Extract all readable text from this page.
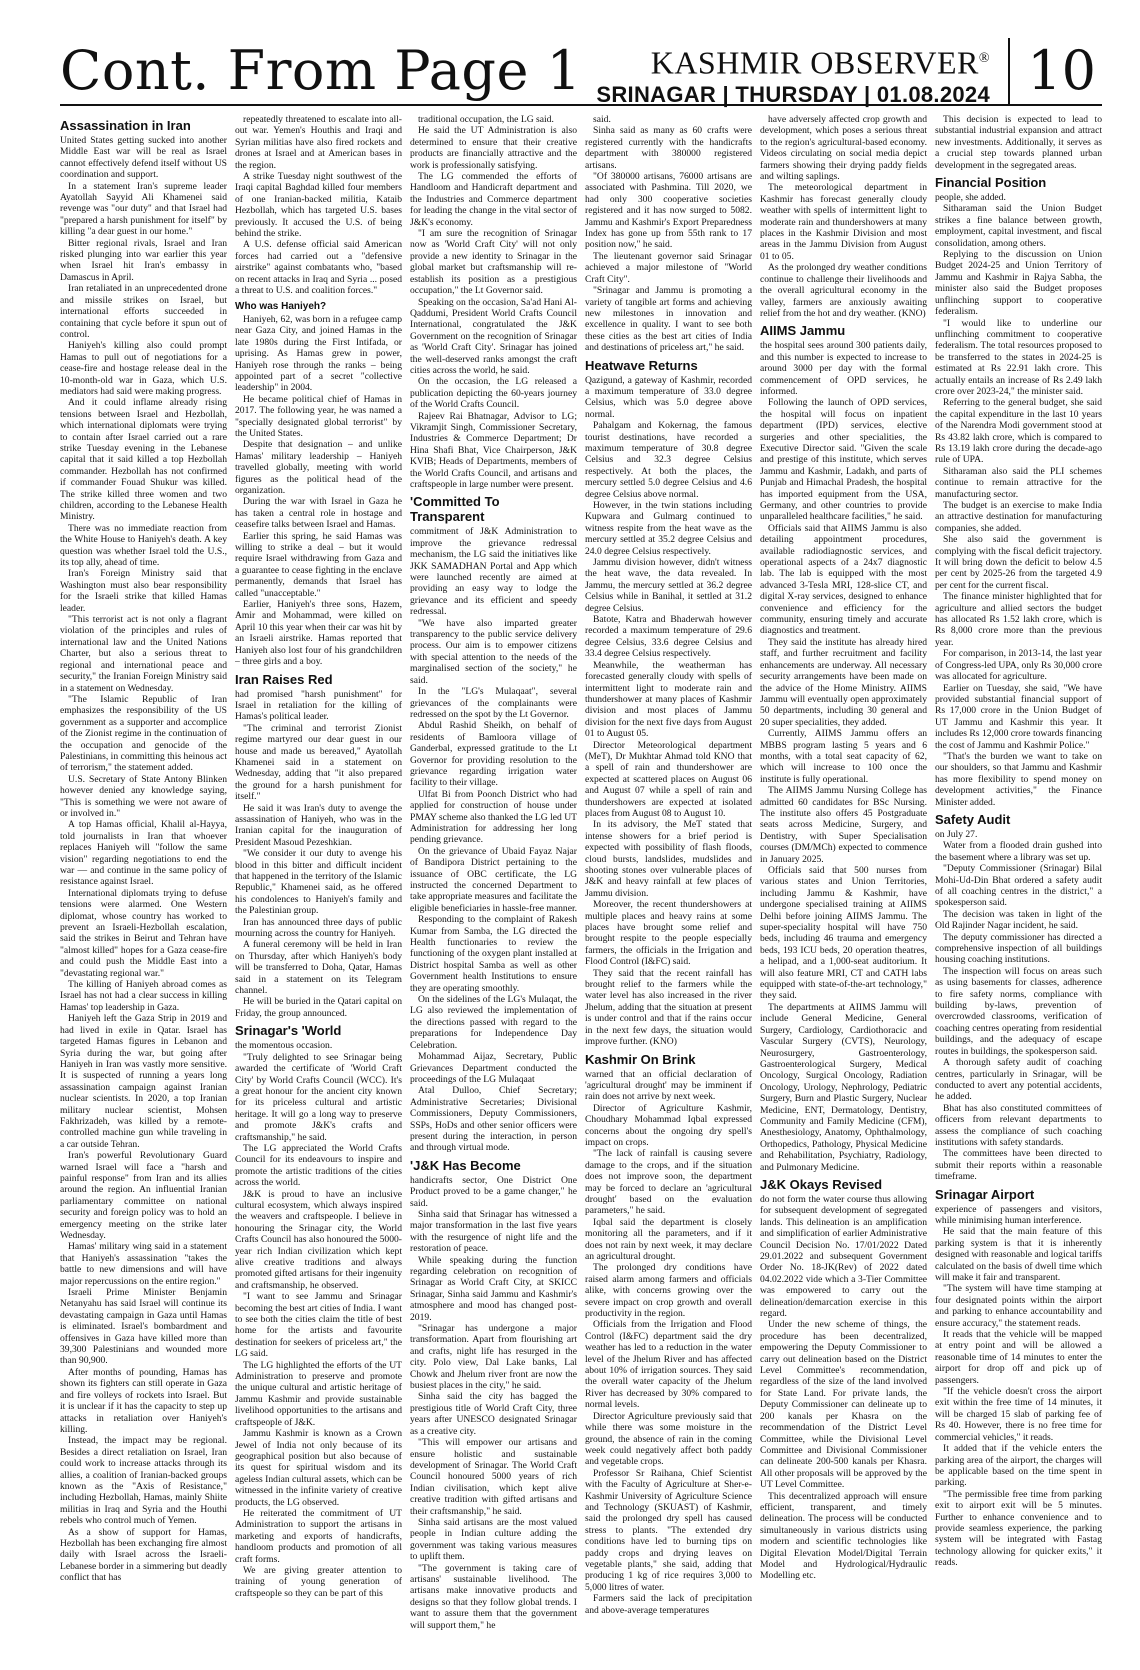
Cont. From Page 1	KASHMIR OBSERVER®
SRINAGAR | THURSDAY | 01.08.2024 10
Assassination in Iran

United States getting sucked into another Middle East war will be real as Israel cannot effectively defend itself without US coordination and support.

In a statement Iran's supreme leader Ayatollah Sayyid Ali Khamenei said revenge was "our duty" and that Israel had "prepared a harsh punishment for itself" by killing "a dear guest in our home."

Bitter regional rivals, Israel and Iran risked plunging into war earlier this year when Israel hit Iran's embassy in Damascus in April.

Iran retaliated in an unprecedented drone and missile strikes on Israel, but international efforts succeeded in containing that cycle before it spun out of control.

Haniyeh's killing also could prompt Hamas to pull out of negotiations for a cease-fire and hostage release deal in the 10-month-old war in Gaza, which U.S. mediators had said were making progress.

And it could inflame already rising tensions between Israel and Hezbollah, which international diplomats were trying to contain after Israel carried out a rare strike Tuesday evening in the Lebanese capital that it said killed a top Hezbollah commander. Hezbollah has not confirmed if commander Fouad Shukur was killed. The strike killed three women and two children, according to the Lebanese Health Ministry.

There was no immediate reaction from the White House to Haniyeh's death. A key question was whether Israel told the U.S., its top ally, ahead of time.

Iran's Foreign Ministry said that Washington must also bear responsibility for the Israeli strike that killed Hamas leader.

"This terrorist act is not only a flagrant violation of the principles and rules of international law and the United Nations Charter, but also a serious threat to regional and international peace and security," the Iranian Foreign Ministry said in a statement on Wednesday.

"The Islamic Republic of Iran emphasizes the responsibility of the US government as a supporter and accomplice of the Zionist regime in the continuation of the occupation and genocide of the Palestinians, in committing this heinous act of terrorism," the statement added.

U.S. Secretary of State Antony Blinken however denied any knowledge saying, "This is something we were not aware of or involved in."

A top Hamas official, Khalil al-Hayya, told journalists in Iran that whoever replaces Haniyeh will "follow the same vision" regarding negotiations to end the war — and continue in the same policy of resistance against Israel.

International diplomats trying to defuse tensions were alarmed. One Western diplomat, whose country has worked to prevent an Israeli-Hezbollah escalation, said the strikes in Beirut and Tehran have "almost killed" hopes for a Gaza cease-fire and could push the Middle East into a "devastating regional war."

The killing of Haniyeh abroad comes as Israel has not had a clear success in killing Hamas' top leadership in Gaza.

Haniyeh left the Gaza Strip in 2019 and had lived in exile in Qatar. Israel has targeted Hamas figures in Lebanon and Syria during the war, but going after Haniyeh in Iran was vastly more sensitive. It is suspected of running a years long assassination campaign against Iranian nuclear scientists. In 2020, a top Iranian military nuclear scientist, Mohsen Fakhrizadeh, was killed by a remote-controlled machine gun while traveling in a car outside Tehran.

Iran's powerful Revolutionary Guard warned Israel will face a "harsh and painful response" from Iran and its allies around the region. An influential Iranian parliamentary committee on national security and foreign policy was to hold an emergency meeting on the strike later Wednesday.

Hamas' military wing said in a statement that Haniyeh's assassination "takes the battle to new dimensions and will have major repercussions on the entire region."

Israeli Prime Minister Benjamin Netanyahu has said Israel will continue its devastating campaign in Gaza until Hamas is eliminated. Israel's bombardment and offensives in Gaza have killed more than 39,300 Palestinians and wounded more than 90,900.

After months of pounding, Hamas has shown its fighters can still operate in Gaza and fire volleys of rockets into Israel. But it is unclear if it has the capacity to step up attacks in retaliation over Haniyeh's killing.

Instead, the impact may be regional. Besides a direct retaliation on Israel, Iran could work to increase attacks through its allies, a coalition of Iranian-backed groups known as the "Axis of Resistance," including Hezbollah, Hamas, mainly Shiite militias in Iraq and Syria and the Houthi rebels who control much of Yemen.

As a show of support for Hamas, Hezbollah has been exchanging fire almost daily with Israel across the Israeli-Lebanese border in a simmering but deadly conflict that has

repeatedly threatened to escalate into all-out war. Yemen's Houthis and Iraqi and Syrian militias have also fired rockets and drones at Israel and at American bases in the region.

A strike Tuesday night southwest of the Iraqi capital Baghdad killed four members of one Iranian-backed militia, Kataib Hezbollah, which has targeted U.S. bases previously. It accused the U.S. of being behind the strike.

A U.S. defense official said American forces had carried out a "defensive airstrike" against combatants who, "based on recent attacks in Iraq and Syria ... posed a threat to U.S. and coalition forces."

Who was Haniyeh?

Haniyeh, 62, was born in a refugee camp near Gaza City, and joined Hamas in the late 1980s during the First Intifada, or uprising. As Hamas grew in power, Haniyeh rose through the ranks – being appointed part of a secret "collective leadership" in 2004.

He became political chief of Hamas in 2017. The following year, he was named a "specially designated global terrorist" by the United States.

Despite that designation – and unlike Hamas' military leadership – Haniyeh travelled globally, meeting with world figures as the political head of the organization.

During the war with Israel in Gaza he has taken a central role in hostage and ceasefire talks between Israel and Hamas.

Earlier this spring, he said Hamas was willing to strike a deal – but it would require Israel withdrawing from Gaza and a guarantee to cease fighting in the enclave permanently, demands that Israel has called "unacceptable."

Earlier, Haniyeh's three sons, Hazem, Amir and Mohammad, were killed on April 10 this year when their car was hit by an Israeli airstrike. Hamas reported that Haniyeh also lost four of his grandchildren – three girls and a boy.

Iran Raises Red

had promised "harsh punishment" for Israel in retaliation for the killing of Hamas's political leader.

"The criminal and terrorist Zionist regime martyred our dear guest in our house and made us bereaved," Ayatollah Khamenei said in a statement on Wednesday, adding that "it also prepared the ground for a harsh punishment for itself."

He said it was Iran's duty to avenge the assassination of Haniyeh, who was in the Iranian capital for the inauguration of President Masoud Pezeshkian.

"We consider it our duty to avenge his blood in this bitter and difficult incident that happened in the territory of the Islamic Republic," Khamenei said, as he offered his condolences to Haniyeh's family and the Palestinian group.

Iran has announced three days of public mourning across the country for Haniyeh.

A funeral ceremony will be held in Iran on Thursday, after which Haniyeh's body will be transferred to Doha, Qatar, Hamas said in a statement on its Telegram channel.

He will be buried in the Qatari capital on Friday, the group announced.

Srinagar's 'World

the momentous occasion.

"Truly delighted to see Srinagar being awarded the certificate of 'World Craft City' by World Crafts Council (WCC). It's a great honour for the ancient city known for its priceless cultural and artistic heritage. It will go a long way to preserve and promote J&K's crafts and craftsmanship," he said.

The LG appreciated the World Crafts Council for its endeavours to inspire and promote the artistic traditions of the cities across the world.

J&K is proud to have an inclusive cultural ecosystem, which always inspired the weavers and craftspeople. I believe in honouring the Srinagar city, the World Crafts Council has also honoured the 5000-year rich Indian civilization which kept alive creative traditions and always promoted gifted artisans for their ingenuity and craftsmanship, he observed.

"I want to see Jammu and Srinagar becoming the best art cities of India. I want to see both the cities claim the title of best home for the artists and favourite destination for seekers of priceless art," the LG said.

The LG highlighted the efforts of the UT Administration to preserve and promote the unique cultural and artistic heritage of Jammu Kashmir and provide sustainable livelihood opportunities to the artisans and craftspeople of J&K.

Jammu Kashmir is known as a Crown Jewel of India not only because of its geographical position but also because of its quest for spiritual wisdom and its ageless Indian cultural assets, which can be witnessed in the infinite variety of creative products, the LG observed.

He reiterated the commitment of UT Administration to support the artisans in marketing and exports of handicrafts, handloom products and promotion of all craft forms.

We are giving greater attention to training of young generation of craftspeople so they can be part of this

traditional occupation, the LG said.

He said the UT Administration is also determined to ensure that their creative products are financially attractive and the work is professionally satisfying.

The LG commended the efforts of Handloom and Handicraft department and the Industries and Commerce department for leading the change in the vital sector of J&K's economy.

"I am sure the recognition of Srinagar now as 'World Craft City' will not only provide a new identity to Srinagar in the global market but craftsmanship will re-establish its position as a prestigious occupation," the Lt Governor said.

Speaking on the occasion, Sa'ad Hani Al-Qaddumi, President World Crafts Council International, congratulated the J&K Government on the recognition of Srinagar as 'World Craft City'. Srinagar has joined the well-deserved ranks amongst the craft cities across the world, he said.

On the occasion, the LG released a publication depicting the 60-years journey of the World Crafts Council.

Rajeev Rai Bhatnagar, Advisor to LG; Vikramjit Singh, Commissioner Secretary, Industries & Commerce Department; Dr Hina Shafi Bhat, Vice Chairperson, J&K KVIB; Heads of Departments, members of the World Crafts Council, and artisans and craftspeople in large number were present.

'Committed To Transparent

commitment of J&K Administration to improve the grievance redressal mechanism, the LG said the initiatives like JKK SAMADHAN Portal and App which were launched recently are aimed at providing an easy way to lodge the grievance and its efficient and speedy redressal.

"We have also imparted greater transparency to the public service delivery process. Our aim is to empower citizens with special attention to the needs of the marginalised section of the society," he said.

In the "LG's Mulaqaat", several grievances of the complainants were redressed on the spot by the Lt Governor.

Abdul Rashid Sheikh, on behalf of residents of Bamloora village of Ganderbal, expressed gratitude to the Lt Governor for providing resolution to the grievance regarding irrigation water facility to their village.

Ulfat Bi from Poonch District who had applied for construction of house under PMAY scheme also thanked the LG led UT Administration for addressing her long pending grievance.

On the grievance of Ubaid Fayaz Najar of Bandipora District pertaining to the issuance of OBC certificate, the LG instructed the concerned Department to take appropriate measures and facilitate the eligible beneficiaries in hassle-free manner.

Responding to the complaint of Rakesh Kumar from Samba, the LG directed the Health functionaries to review the functioning of the oxygen plant installed at District hospital Samba as well as other Government health Institutions to ensure they are operating smoothly.

On the sidelines of the LG's Mulaqat, the LG also reviewed the implementation of the directions passed with regard to the preparations for Independence Day Celebration.

Mohammad Aijaz, Secretary, Public Grievances Department conducted the proceedings of the LG Mulaqaat

Atal Dulloo, Chief Secretary; Administrative Secretaries; Divisional Commissioners, Deputy Commissioners, SSPs, HoDs and other senior officers were present during the interaction, in person and through virtual mode.

'J&K Has Become

handicrafts sector, One District One Product proved to be a game changer," he said.

Sinha said that Srinagar has witnessed a major transformation in the last five years with the resurgence of night life and the restoration of peace.

While speaking during the function regarding celebration on recognition of Srinagar as World Craft City, at SKICC Srinagar, Sinha said Jammu and Kashmir's atmosphere and mood has changed post- 2019.

"Srinagar has undergone a major transformation. Apart from flourishing art and crafts, night life has resurged in the city. Polo view, Dal Lake banks, Lal Chowk and Jhelum river front are now the busiest places in the city," he said.

Sinha said the city has bagged the prestigious title of World Craft City, three years after UNESCO designated Srinagar as a creative city.

"This will empower our artisans and ensure holistic and sustainable development of Srinagar. The World Craft Council honoured 5000 years of rich Indian civilisation, which kept alive creative tradition with gifted artisans and their craftsmanship," he said.

Sinha said artisans are the most valued people in Indian culture adding the government was taking various measures to uplift them.

"The government is taking care of artisans' sustainable livelihood. The artisans make innovative products and designs so that they follow global trends. I want to assure them that the government will support them," he

said.

Sinha said as many as 60 crafts were registered currently with the handicrafts department with 380000 registered artisans.

"Of 380000 artisans, 76000 artisans are associated with Pashmina. Till 2020, we had only 300 cooperative societies registered and it has now surged to 5082. Jammu and Kashmir's Export Preparedness Index has gone up from 55th rank to 17 position now," he said.

The lieutenant governor said Srinagar achieved a major milestone of "World Craft City".

"Srinagar and Jammu is promoting a variety of tangible art forms and achieving new milestones in innovation and excellence in quality. I want to see both these cities as the best art cities of India and destinations of priceless art," he said.

Heatwave Returns

Qazigund, a gateway of Kashmir, recorded a maximum temperature of 33.0 degree Celsius, which was 5.0 degree above normal.

Pahalgam and Kokernag, the famous tourist destinations, have recorded a maximum temperature of 30.8 degree Celsius and 32.3 degree Celsius respectively. At both the places, the mercury settled 5.0 degree Celsius and 4.6 degree Celsius above normal.

However, in the twin stations including Kupwara and Gulmarg continued to witness respite from the heat wave as the mercury settled at 35.2 degree Celsius and 24.0 degree Celsius respectively.

Jammu division however, didn't witness the heat wave, the data revealed. In Jammu, the mercury settled at 36.2 degree Celsius while in Banihal, it settled at 31.2 degree Celsius.

Batote, Katra and Bhaderwah however recorded a maximum temperature of 29.6 degree Celsius, 33.6 degree Celsius and 33.4 degree Celsius respectively.

Meanwhile, the weatherman has forecasted generally cloudy with spells of intermittent light to moderate rain and thundershower at many places of Kashmir division and most places of Jammu division for the next five days from August 01 to August 05.

Director Meteorological department (MeT), Dr Mukhtar Ahmad told KNO that a spell of rain and thundershower are expected at scattered places on August 06 and August 07 while a spell of rain and thundershowers are expected at isolated places from August 08 to August 10.

In its advisory, the MeT stated that intense showers for a brief period is expected with possibility of flash floods, cloud bursts, landslides, mudslides and shooting stones over vulnerable places of J&K and heavy rainfall at few places of Jammu division.

Moreover, the recent thundershowers at multiple places and heavy rains at some places have brought some relief and brought respite to the people especially farmers, the officials in the Irrigation and Flood Control (I&FC) said.

They said that the recent rainfall has brought relief to the farmers while the water level has also increased in the river Jhelum, adding that the situation at present is under control and that if the rains occur in the next few days, the situation would improve further. (KNO)

Kashmir On Brink

warned that an official declaration of 'agricultural drought' may be imminent if rain does not arrive by next week.

Director of Agriculture Kashmir, Choudhary Mohammad Iqbal expressed concerns about the ongoing dry spell's impact on crops.

"The lack of rainfall is causing severe damage to the crops, and if the situation does not improve soon, the department may be forced to declare an 'agricultural drought' based on the evaluation parameters," he said.

Iqbal said the department is closely monitoring all the parameters, and if it does not rain by next week, it may declare an agricultural drought.

The prolonged dry conditions have raised alarm among farmers and officials alike, with concerns growing over the severe impact on crop growth and overall productivity in the region.

Officials from the Irrigation and Flood Control (I&FC) department said the dry weather has led to a reduction in the water level of the Jhelum River and has affected about 10% of irrigation sources. They said the overall water capacity of the Jhelum River has decreased by 30% compared to normal levels.

Director Agriculture previously said that while there was some moisture in the ground, the absence of rain in the coming week could negatively affect both paddy and vegetable crops.

Professor Sr Raihana, Chief Scientist with the Faculty of Agriculture at Sher-e-Kashmir University of Agriculture Science and Technology (SKUAST) of Kashmir, said the prolonged dry spell has caused stress to plants. "The extended dry conditions have led to burning tips on paddy crops and drying leaves on vegetable plants," she said, adding that producing 1 kg of rice requires 3,000 to 5,000 litres of water.

Farmers said the lack of precipitation and above-average temperatures

have adversely affected crop growth and development, which poses a serious threat to the region's agricultural-based economy. Videos circulating on social media depict farmers showing their drying paddy fields and wilting saplings.

The meteorological department in Kashmir has forecast generally cloudy weather with spells of intermittent light to moderate rain and thundershowers at many places in the Kashmir Division and most areas in the Jammu Division from August 01 to 05.

As the prolonged dry weather conditions continue to challenge their livelihoods and the overall agricultural economy in the valley, farmers are anxiously awaiting relief from the hot and dry weather. (KNO)

AIIMS Jammu

the hospital sees around 300 patients daily, and this number is expected to increase to around 3000 per day with the formal commencement of OPD services, he informed.

Following the launch of OPD services, the hospital will focus on inpatient department (IPD) services, elective surgeries and other specialities, the Executive Director said. "Given the scale and prestige of this institute, which serves Jammu and Kashmir, Ladakh, and parts of Punjab and Himachal Pradesh, the hospital has imported equipment from the USA, Germany, and other countries to provide unparalleled healthcare facilities," he said.

Officials said that AIIMS Jammu is also detailing appointment procedures, available radiodiagnostic services, and operational aspects of a 24x7 diagnostic lab. The lab is equipped with the most advanced 3-Tesla MRI, 128-slice CT, and digital X-ray services, designed to enhance convenience and efficiency for the community, ensuring timely and accurate diagnostics and treatment.

They said the institute has already hired staff, and further recruitment and facility enhancements are underway. All necessary security arrangements have been made on the advice of the Home Ministry. AIIMS Jammu will eventually open approximately 50 departments, including 30 general and 20 super specialities, they added.

Currently, AIIMS Jammu offers an MBBS program lasting 5 years and 6 months, with a total seat capacity of 62, which will increase to 100 once the institute is fully operational.

The AIIMS Jammu Nursing College has admitted 60 candidates for BSc Nursing. The institute also offers 45 Postgraduate seats across Medicine, Surgery, and Dentistry, with Super Specialisation courses (DM/MCh) expected to commence in January 2025.

Officials said that 500 nurses from various states and Union Territories, including Jammu & Kashmir, have undergone specialised training at AIIMS Delhi before joining AIIMS Jammu. The super-speciality hospital will have 750 beds, including 46 trauma and emergency beds, 193 ICU beds, 20 operation theatres, a helipad, and a 1,000-seat auditorium. It will also feature MRI, CT and CATH labs equipped with state-of-the-art technology," they said.

The departments at AIIMS Jammu will include General Medicine, General Surgery, Cardiology, Cardiothoracic and Vascular Surgery (CVTS), Neurology, Neurosurgery, Gastroenterology, Gastroenterological Surgery, Medical Oncology, Surgical Oncology, Radiation Oncology, Urology, Nephrology, Pediatric Surgery, Burn and Plastic Surgery, Nuclear Medicine, ENT, Dermatology, Dentistry, Community and Family Medicine (CFM), Anesthesiology, Anatomy, Ophthalmology, Orthopedics, Pathology, Physical Medicine and Rehabilitation, Psychiatry, Radiology, and Pulmonary Medicine.

J&K Okays Revised

do not form the water course thus allowing for subsequent development of segregated lands. This delineation is an amplification and simplification of earlier Administrative Council Decision No. 17/01/2022 Dated 29.01.2022 and subsequent Government Order No. 18-JK(Rev) of 2022 dated 04.02.2022 vide which a 3-Tier Committee was empowered to carry out the delineation/demarcation exercise in this regard.

Under the new scheme of things, the procedure has been decentralized, empowering the Deputy Commissioner to carry out delineation based on the District Level Committee's recommendation, regardless of the size of the land involved for State Land. For private lands, the Deputy Commissioner can delineate up to 200 kanals per Khasra on the recommendation of the District Level Committee, while the Divisional Level Committee and Divisional Commissioner can delineate 200-500 kanals per Khasra. All other proposals will be approved by the UT Level Committee.

This decentralized approach will ensure efficient, transparent, and timely delineation. The process will be conducted simultaneously in various districts using modern and scientific technologies like Digital Elevation Model/Digital Terrain Model and Hydrological/Hydraulic Modelling etc.

This decision is expected to lead to substantial industrial expansion and attract new investments. Additionally, it serves as a crucial step towards planned urban development in the segregated areas.

Financial Position

people, she added.

Sitharaman said the Union Budget strikes a fine balance between growth, employment, capital investment, and fiscal consolidation, among others.

Replying to the discussion on Union Budget 2024-25 and Union Territory of Jammu and Kashmir in Rajya Sabha, the minister also said the Budget proposes unflinching support to cooperative federalism.

"I would like to underline our unflinching commitment to cooperative federalism. The total resources proposed to be transferred to the states in 2024-25 is estimated at Rs 22.91 lakh crore. This actually entails an increase of Rs 2.49 lakh crore over 2023-24," the minister said.

Referring to the general budget, she said the capital expenditure in the last 10 years of the Narendra Modi government stood at Rs 43.82 lakh crore, which is compared to Rs 13.19 lakh crore during the decade-ago rule of UPA.

Sitharaman also said the PLI schemes continue to remain attractive for the manufacturing sector.

The budget is an exercise to make India an attractive destination for manufacturing companies, she added.

She also said the government is complying with the fiscal deficit trajectory. It will bring down the deficit to below 4.5 per cent by 2025-26 from the targeted 4.9 per cent for the current fiscal.

The finance minister highlighted that for agriculture and allied sectors the budget has allocated Rs 1.52 lakh crore, which is Rs 8,000 crore more than the previous year.

For comparison, in 2013-14, the last year of Congress-led UPA, only Rs 30,000 crore was allocated for agriculture.

Earlier on Tuesday, she said, "We have provided substantial financial support of Rs 17,000 crore in the Union Budget of UT Jammu and Kashmir this year. It includes Rs 12,000 crore towards financing the cost of Jammu and Kashmir Police."

"That's the burden we want to take on our shoulders, so that Jammu and Kashmir has more flexibility to spend money on development activities," the Finance Minister added.

Safety Audit

on July 27.

Water from a flooded drain gushed into the basement where a library was set up.

"Deputy Commissioner (Srinagar) Bilal Mohi-Ud-Din Bhat ordered a safety audit of all coaching centres in the district," a spokesperson said.

The decision was taken in light of the Old Rajinder Nagar incident, he said.

The deputy commissioner has directed a comprehensive inspection of all buildings housing coaching institutions.

The inspection will focus on areas such as using basements for classes, adherence to fire safety norms, compliance with building by-laws, prevention of overcrowded classrooms, verification of coaching centres operating from residential buildings, and the adequacy of escape routes in buildings, the spokesperson said.

A thorough safety audit of coaching centres, particularly in Srinagar, will be conducted to avert any potential accidents, he added.

Bhat has also constituted committees of officers from relevant departments to assess the compliance of such coaching institutions with safety standards.

The committees have been directed to submit their reports within a reasonable timeframe.

Srinagar Airport

experience of passengers and visitors, while minimising human interference.

He said that the main feature of this parking system is that it is inherently designed with reasonable and logical tariffs calculated on the basis of dwell time which will make it fair and transparent.

"The system will have time stamping at four designated points within the airport and parking to enhance accountability and ensure accuracy," the statement reads.

It reads that the vehicle will be mapped at entry point and will be allowed a reasonable time of 14 minutes to enter the airport for drop off and pick up of passengers.

"If the vehicle doesn't cross the airport exit within the free time of 14 minutes, it will be charged 15 slab of parking fee of Rs 40. However, there is no free time for commercial vehicles," it reads.

It added that if the vehicle enters the parking area of the airport, the charges will be applicable based on the time spent in parking.

"The permissible free time from parking exit to airport exit will be 5 minutes. Further to enhance convenience and to provide seamless experience, the parking system will be integrated with Fastag technology allowing for quicker exits," it reads.
